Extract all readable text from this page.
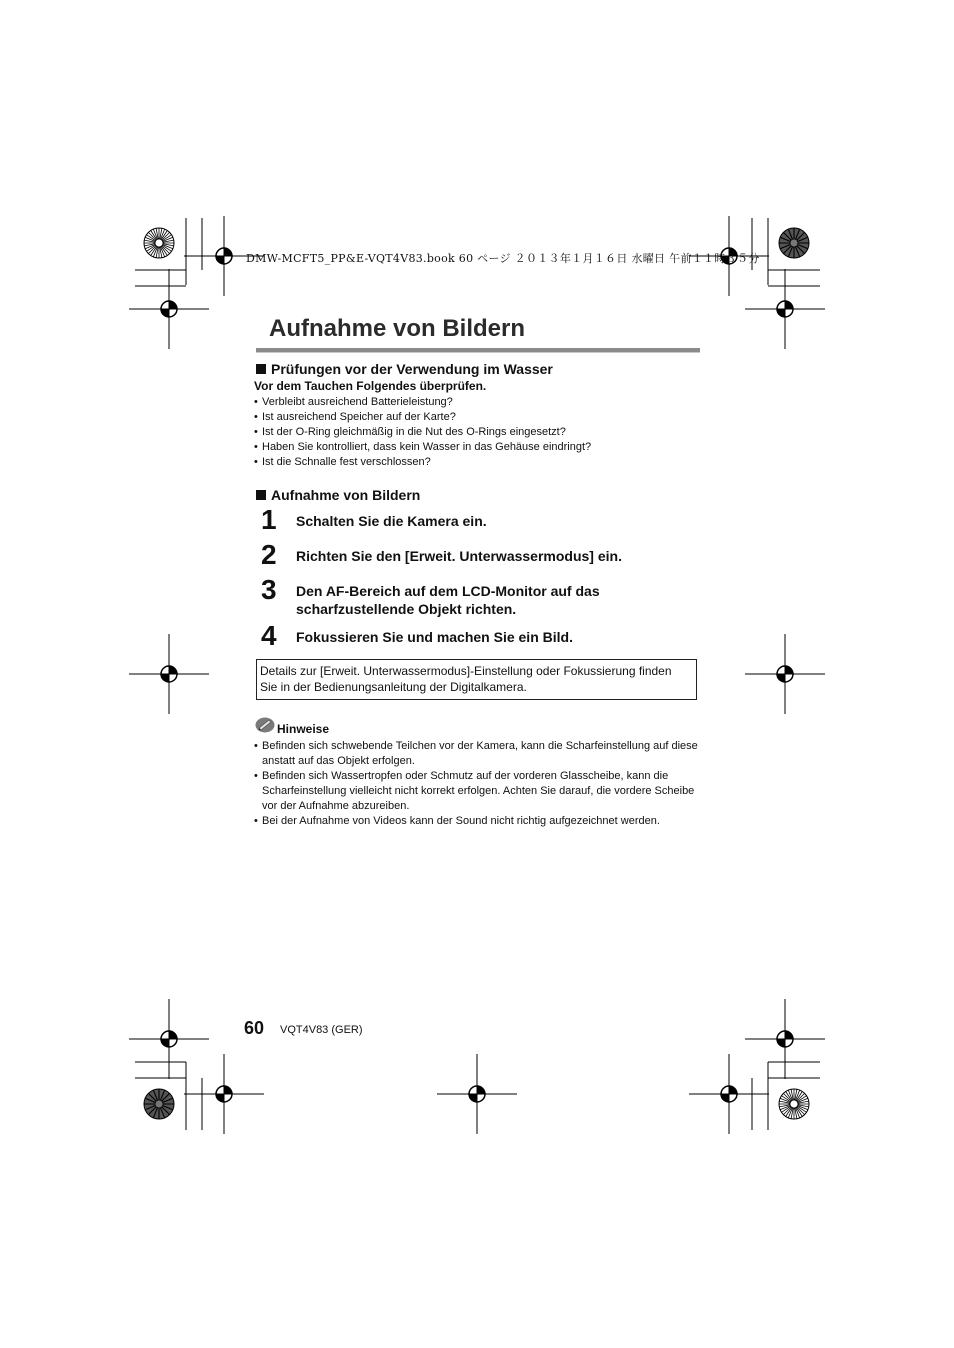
DMW-MCFT5_PP&E-VQT4V83.book 60 ページ ２０１３年１月１６日 水曜日 午前１１時３５分
Aufnahme von Bildern
Prüfungen vor der Verwendung im Wasser
Vor dem Tauchen Folgendes überprüfen.
• Verbleibt ausreichend Batterieleistung?
• Ist ausreichend Speicher auf der Karte?
• Ist der O-Ring gleichmäßig in die Nut des O-Rings eingesetzt?
• Haben Sie kontrolliert, dass kein Wasser in das Gehäuse eindringt?
• Ist die Schnalle fest verschlossen?
Aufnahme von Bildern
1 Schalten Sie die Kamera ein.
2 Richten Sie den [Erweit. Unterwassermodus] ein.
3 Den AF-Bereich auf dem LCD-Monitor auf das scharfzustellende Objekt richten.
4 Fokussieren Sie und machen Sie ein Bild.
Details zur [Erweit. Unterwassermodus]-Einstellung oder Fokussierung finden Sie in der Bedienungsanleitung der Digitalkamera.
Hinweise
• Befinden sich schwebende Teilchen vor der Kamera, kann die Scharfeinstellung auf diese anstatt auf das Objekt erfolgen.
• Befinden sich Wassertropfen oder Schmutz auf der vorderen Glasscheibe, kann die Scharfeinstellung vielleicht nicht korrekt erfolgen. Achten Sie darauf, die vordere Scheibe vor der Aufnahme abzureiben.
• Bei der Aufnahme von Videos kann der Sound nicht richtig aufgezeichnet werden.
60 VQT4V83 (GER)
